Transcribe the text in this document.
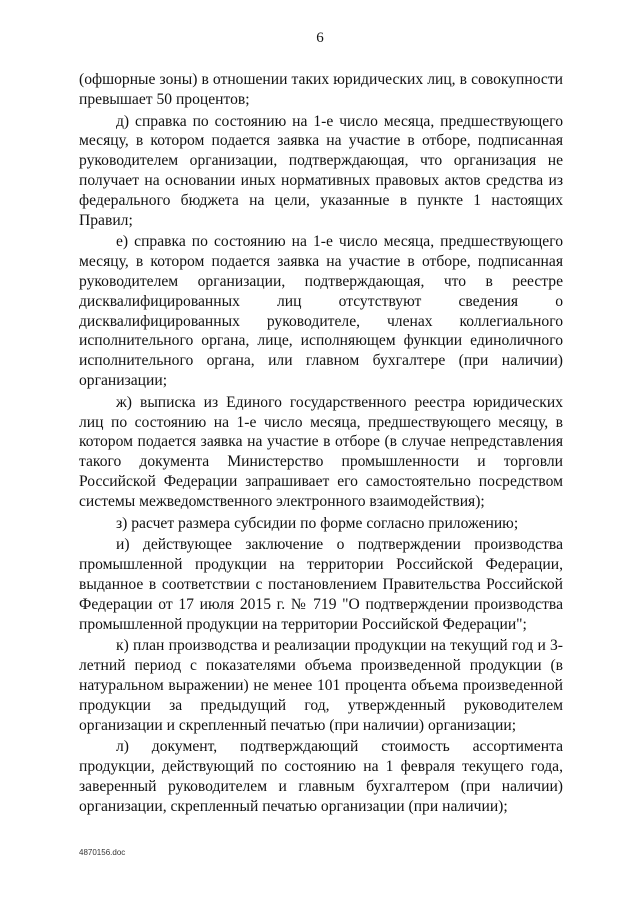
6

(офшорные зоны) в отношении таких юридических лиц, в совокупности превышает 50 процентов;

д) справка по состоянию на 1-е число месяца, предшествующего месяцу, в котором подается заявка на участие в отборе, подписанная руководителем организации, подтверждающая, что организация не получает на основании иных нормативных правовых актов средства из федерального бюджета на цели, указанные в пункте 1 настоящих Правил;

е) справка по состоянию на 1-е число месяца, предшествующего месяцу, в котором подается заявка на участие в отборе, подписанная руководителем организации, подтверждающая, что в реестре дисквалифицированных лиц отсутствуют сведения о дисквалифицированных руководителе, членах коллегиального исполнительного органа, лице, исполняющем функции единоличного исполнительного органа, или главном бухгалтере (при наличии) организации;

ж) выписка из Единого государственного реестра юридических лиц по состоянию на 1-е число месяца, предшествующего месяцу, в котором подается заявка на участие в отборе (в случае непредставления такого документа Министерство промышленности и торговли Российской Федерации запрашивает его самостоятельно посредством системы межведомственного электронного взаимодействия);

з) расчет размера субсидии по форме согласно приложению;

и) действующее заключение о подтверждении производства промышленной продукции на территории Российской Федерации, выданное в соответствии с постановлением Правительства Российской Федерации от 17 июля 2015 г. № 719 "О подтверждении производства промышленной продукции на территории Российской Федерации";

к) план производства и реализации продукции на текущий год и 3-летний период с показателями объема произведенной продукции (в натуральном выражении) не менее 101 процента объема произведенной продукции за предыдущий год, утвержденный руководителем организации и скрепленный печатью (при наличии) организации;

л) документ, подтверждающий стоимость ассортимента продукции, действующий по состоянию на 1 февраля текущего года, заверенный руководителем и главным бухгалтером (при наличии) организации, скрепленный печатью организации (при наличии);

4870156.doc
